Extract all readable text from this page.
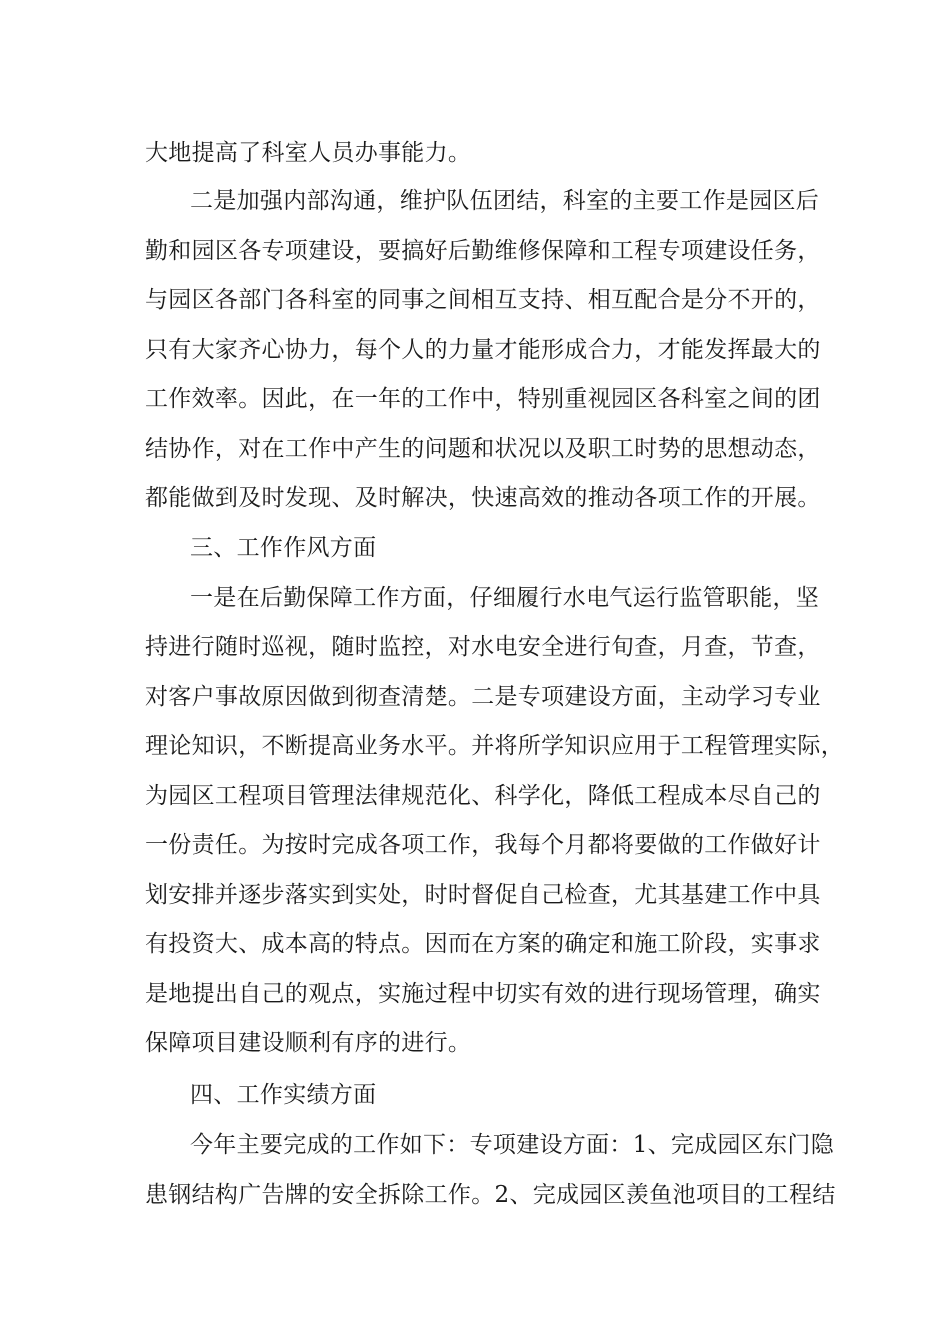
大地提高了科室人员办事能力。
二是加强内部沟通，维护队伍团结，科室的主要工作是园区后
勤和园区各专项建设，要搞好后勤维修保障和工程专项建设任务，
与园区各部门各科室的同事之间相互支持、相互配合是分不开的，
只有大家齐心协力，每个人的力量才能形成合力，才能发挥最大的
工作效率。因此，在一年的工作中，特别重视园区各科室之间的团
结协作，对在工作中产生的问题和状况以及职工时势的思想动态，
都能做到及时发现、及时解决，快速高效的推动各项工作的开展。
三、工作作风方面
一是在后勤保障工作方面，仔细履行水电气运行监管职能，坚
持进行随时巡视，随时监控，对水电安全进行旬查，月查，节查，
对客户事故原因做到彻查清楚。二是专项建设方面，主动学习专业
理论知识，不断提高业务水平。并将所学知识应用于工程管理实际，
为园区工程项目管理法律规范化、科学化，降低工程成本尽自己的
一份责任。为按时完成各项工作，我每个月都将要做的工作做好计
划安排并逐步落实到实处，时时督促自己检查，尤其基建工作中具
有投资大、成本高的特点。因而在方案的确定和施工阶段，实事求
是地提出自己的观点，实施过程中切实有效的进行现场管理，确实
保障项目建设顺利有序的进行。
四、工作实绩方面
今年主要完成的工作如下：专项建设方面：1、完成园区东门隐
患钢结构广告牌的安全拆除工作。2、完成园区羡鱼池项目的工程结
